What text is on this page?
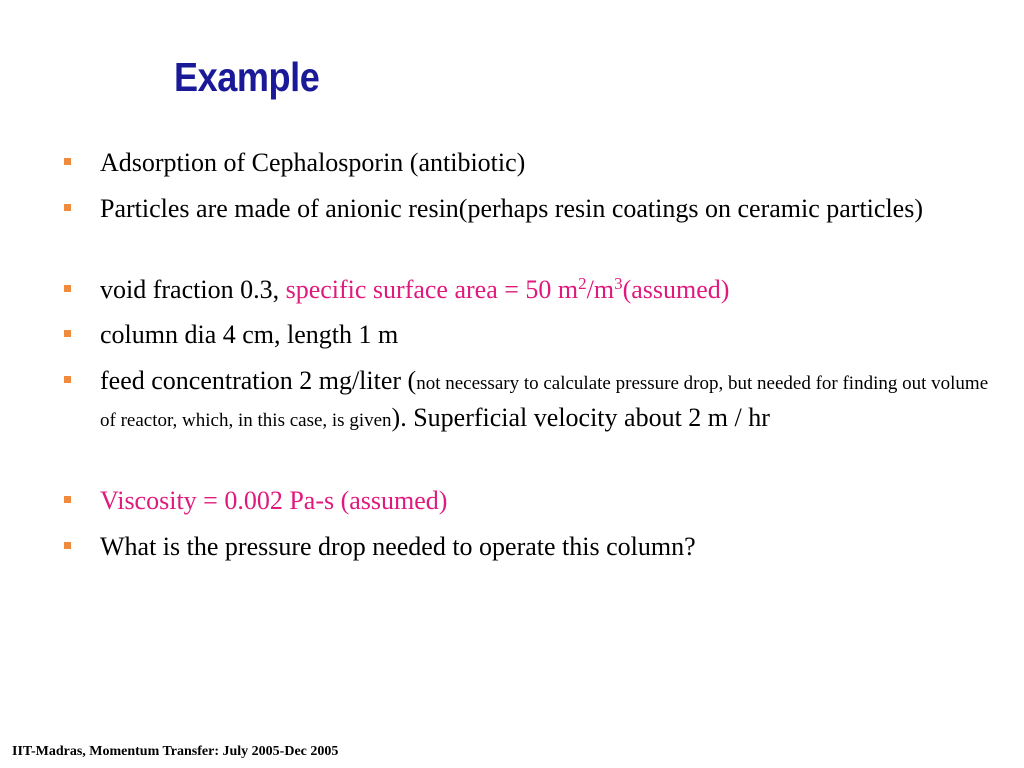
Example
Adsorption of Cephalosporin (antibiotic)
Particles are made of anionic resin(perhaps resin coatings on ceramic particles)
void fraction 0.3, specific surface area = 50 $m^2/m^3(assumed)$
column dia 4 cm, length 1 m
feed concentration 2 mg/liter (not necessary to calculate pressure drop, but needed for finding out volume of reactor, which, in this case, is given). Superficial velocity about 2 m / hr
Viscosity = 0.002 Pa-s (assumed)
What is the pressure drop needed to operate this column?
IIT-Madras, Momentum Transfer: July 2005-Dec 2005
